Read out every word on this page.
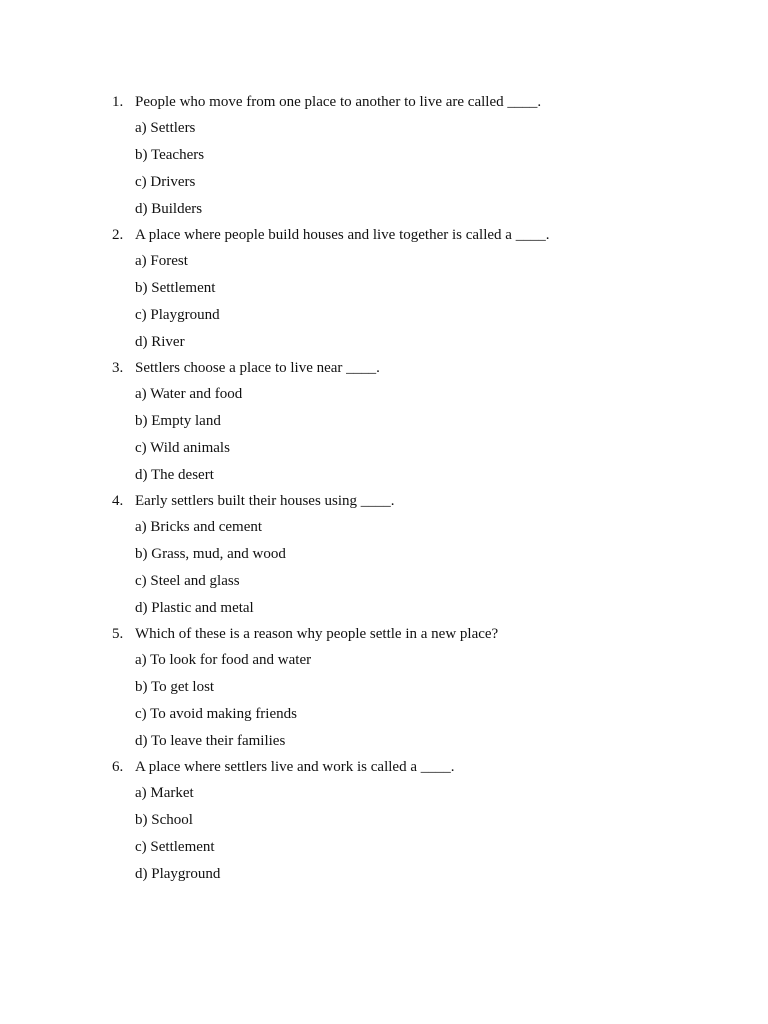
1. People who move from one place to another to live are called ____.
a) Settlers
b) Teachers
c) Drivers
d) Builders
2. A place where people build houses and live together is called a ____.
a) Forest
b) Settlement
c) Playground
d) River
3. Settlers choose a place to live near ____.
a) Water and food
b) Empty land
c) Wild animals
d) The desert
4. Early settlers built their houses using ____.
a) Bricks and cement
b) Grass, mud, and wood
c) Steel and glass
d) Plastic and metal
5. Which of these is a reason why people settle in a new place?
a) To look for food and water
b) To get lost
c) To avoid making friends
d) To leave their families
6. A place where settlers live and work is called a ____.
a) Market
b) School
c) Settlement
d) Playground
